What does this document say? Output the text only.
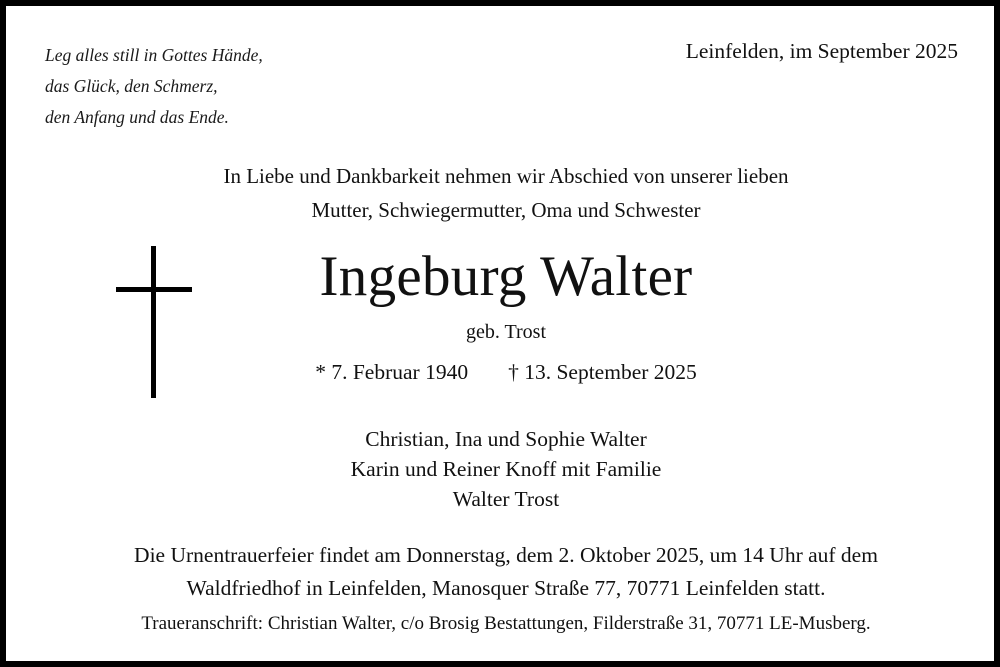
Leg alles still in Gottes Hände,
das Glück, den Schmerz,
den Anfang und das Ende.
Leinfelden, im September 2025
In Liebe und Dankbarkeit nehmen wir Abschied von unserer lieben
Mutter, Schwiegermutter, Oma und Schwester
Ingeburg Walter
geb. Trost
* 7. Februar 1940 † 13. September 2025
Christian, Ina und Sophie Walter
Karin und Reiner Knoff mit Familie
Walter Trost
Die Urnentrauerfeier findet am Donnerstag, dem 2. Oktober 2025, um 14 Uhr auf dem
Waldfriedhof in Leinfelden, Manosquer Straße 77, 70771 Leinfelden statt.
Traueranschrift: Christian Walter, c/o Brosig Bestattungen, Filderstraße 31, 70771 LE-Musberg.
